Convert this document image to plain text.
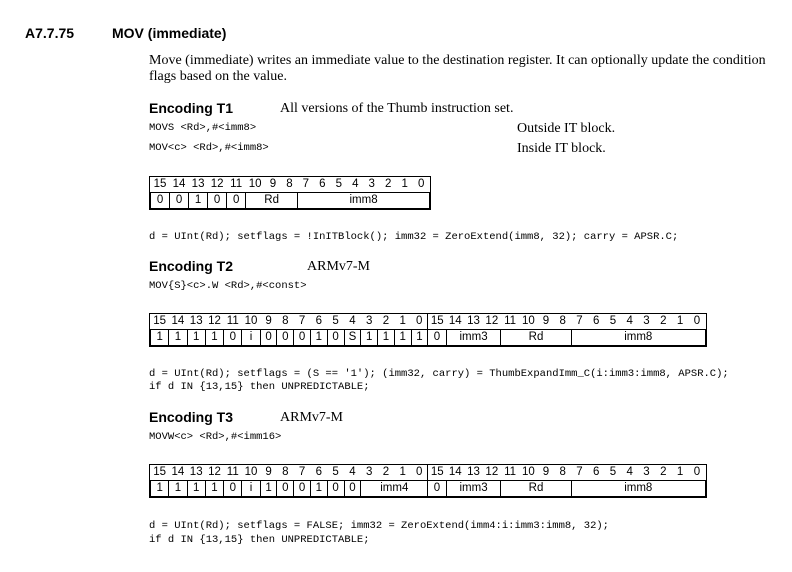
A7.7.75	MOV (immediate)
Move (immediate) writes an immediate value to the destination register. It can optionally update the condition flags based on the value.
Encoding T1	All versions of the Thumb instruction set.
MOVS <Rd>,#<imm8>	Outside IT block.
MOV<c> <Rd>,#<imm8>	Inside IT block.
15	14	13	12	11	10	9	8	7	6	5	4	3	2	1	0
0	0	1	0	0	Rd			imm8							
d = UInt(Rd); setflags = !InITBlock(); imm32 = ZeroExtend(imm8, 32); carry = APSR.C;
Encoding T2	ARMv7-M
MOV{S}<c>.W <Rd>,#<const>
15	14	13	12	11	10	9	8	7	6	5	4	3	2	1	0	15	14	13	12	11	10	9	8	7	6	5	4	3	2	1	0
1	1	1	1	0	i	0	0	0	1	0	S	1	1	1	1	0	imm3			Rd				imm8							
d = UInt(Rd); setflags = (S == '1'); (imm32, carry) = ThumbExpandImm_C(i:imm3:imm8, APSR.C);
if d IN {13,15} then UNPREDICTABLE;
Encoding T3	ARMv7-M
MOVW<c> <Rd>,#<imm16>
15	14	13	12	11	10	9	8	7	6	5	4	3	2	1	0	15	14	13	12	11	10	9	8	7	6	5	4	3	2	1	0
1	1	1	1	0	i	1	0	0	1	0	0	imm4				0	imm3			Rd				imm8							
d = UInt(Rd); setflags = FALSE; imm32 = ZeroExtend(imm4:i:imm3:imm8, 32);
if d IN {13,15} then UNPREDICTABLE;
